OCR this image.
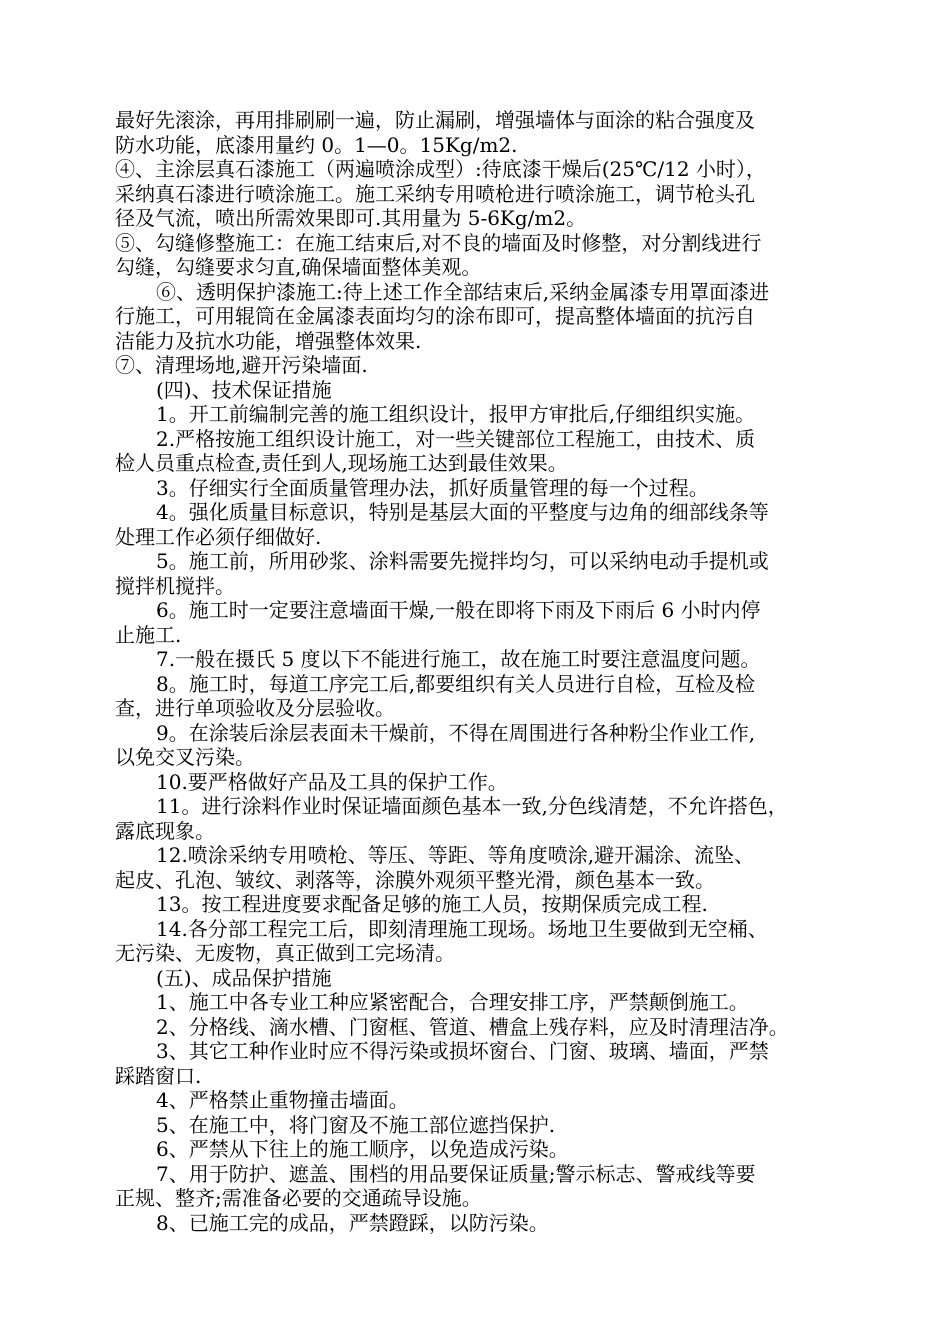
最好先滚涂，再用排刷刷一遍，防止漏刷，增强墙体与面涂的粘合强度及
防水功能，底漆用量约 0。1—0。15Kg/m2.
④、主涂层真石漆施工（两遍喷涂成型）:待底漆干燥后(25℃/12 小时），
采纳真石漆进行喷涂施工。施工采纳专用喷枪进行喷涂施工，调节枪头孔
径及气流，喷出所需效果即可.其用量为 5-6Kg/m2。
⑤、勾缝修整施工：在施工结束后,对不良的墙面及时修整，对分割线进行
勾缝，勾缝要求匀直,确保墙面整体美观。
⑥、透明保护漆施工:待上述工作全部结束后,采纳金属漆专用罩面漆进
行施工，可用辊筒在金属漆表面均匀的涂布即可，提高整体墙面的抗污自
洁能力及抗水功能，增强整体效果.
⑦、清理场地,避开污染墙面.
(四)、技术保证措施
1。开工前编制完善的施工组织设计，报甲方审批后,仔细组织实施。
2.严格按施工组织设计施工，对一些关键部位工程施工，由技术、质
检人员重点检查,责任到人,现场施工达到最佳效果。
3。仔细实行全面质量管理办法，抓好质量管理的每一个过程。
4。强化质量目标意识，特别是基层大面的平整度与边角的细部线条等
处理工作必须仔细做好.
5。施工前，所用砂浆、涂料需要先搅拌均匀，可以采纳电动手提机或
搅拌机搅拌。
6。施工时一定要注意墙面干燥,一般在即将下雨及下雨后 6 小时内停
止施工.
7.一般在摄氏 5 度以下不能进行施工，故在施工时要注意温度问题。
8。施工时，每道工序完工后,都要组织有关人员进行自检，互检及检
查，进行单项验收及分层验收。
9。在涂装后涂层表面未干燥前，不得在周围进行各种粉尘作业工作,
以免交叉污染。
10.要严格做好产品及工具的保护工作。
11。进行涂料作业时保证墙面颜色基本一致,分色线清楚，不允许搭色，
露底现象。
12.喷涂采纳专用喷枪、等压、等距、等角度喷涂,避开漏涂、流坠、
起皮、孔泡、皱纹、剥落等，涂膜外观须平整光滑，颜色基本一致。
13。按工程进度要求配备足够的施工人员，按期保质完成工程.
14.各分部工程完工后，即刻清理施工现场。场地卫生要做到无空桶、
无污染、无废物，真正做到工完场清。
(五)、成品保护措施
1、施工中各专业工种应紧密配合，合理安排工序，严禁颠倒施工。
2、分格线、滴水槽、门窗框、管道、槽盒上残存料，应及时清理洁净。
3、其它工种作业时应不得污染或损坏窗台、门窗、玻璃、墙面，严禁
踩踏窗口.
4、严格禁止重物撞击墙面。
5、在施工中，将门窗及不施工部位遮挡保护.
6、严禁从下往上的施工顺序，以免造成污染。
7、用于防护、遮盖、围档的用品要保证质量;警示标志、警戒线等要
正规、整齐;需准备必要的交通疏导设施。
8、已施工完的成品，严禁蹬踩，以防污染。
